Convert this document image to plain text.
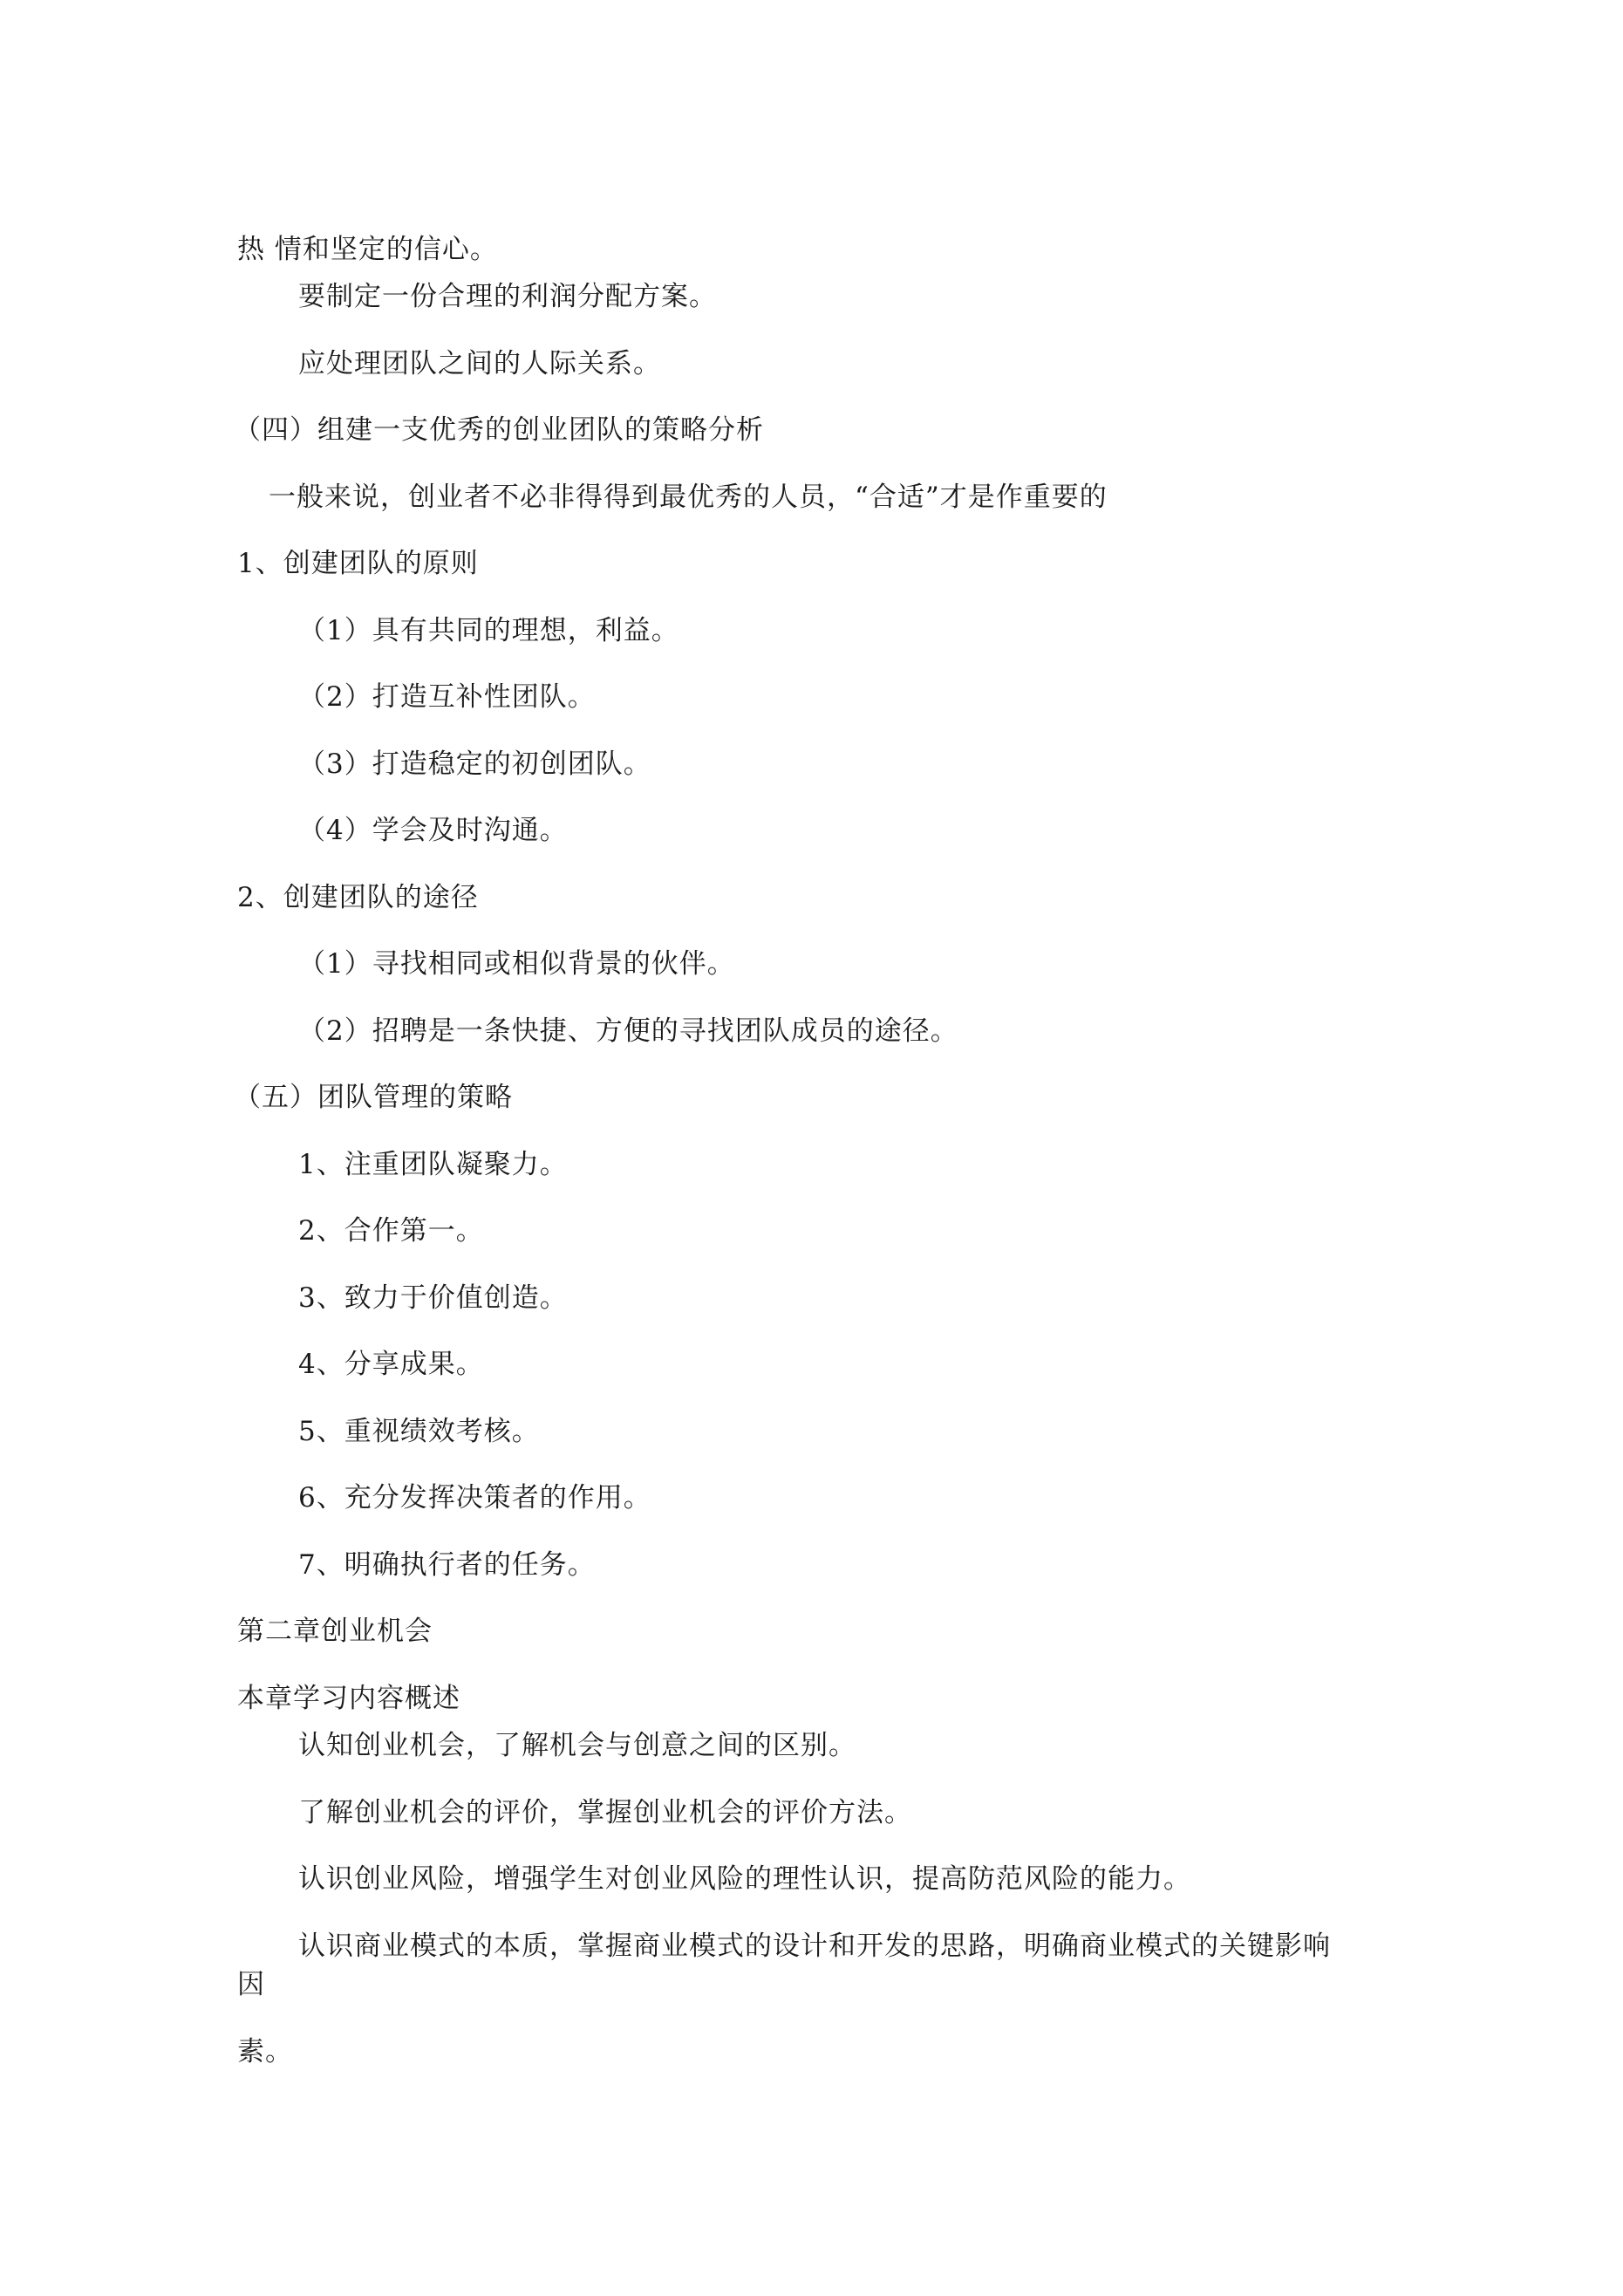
热 情和坚定的信心。
要制定一份合理的利润分配方案。
应处理团队之间的人际关系。
（四）组建一支优秀的创业团队的策略分析
一般来说，创业者不必非得得到最优秀的人员，“合适”才是作重要的
1、创建团队的原则
（1）具有共同的理想，利益。
（2）打造互补性团队。
（3）打造稳定的初创团队。
（4）学会及时沟通。
2、创建团队的途径
（1）寻找相同或相似背景的伙伴。
（2）招聘是一条快捷、方便的寻找团队成员的途径。
（五）团队管理的策略
1、注重团队凝聚力。
2、合作第一。
3、致力于价值创造。
4、分享成果。
5、重视绩效考核。
6、充分发挥决策者的作用。
7、明确执行者的任务。
第二章创业机会
本章学习内容概述
认知创业机会，了解机会与创意之间的区别。
了解创业机会的评价，掌握创业机会的评价方法。
认识创业风险，增强学生对创业风险的理性认识，提高防范风险的能力。
认识商业模式的本质，掌握商业模式的设计和开发的思路，明确商业模式的关键影响
因
素。
